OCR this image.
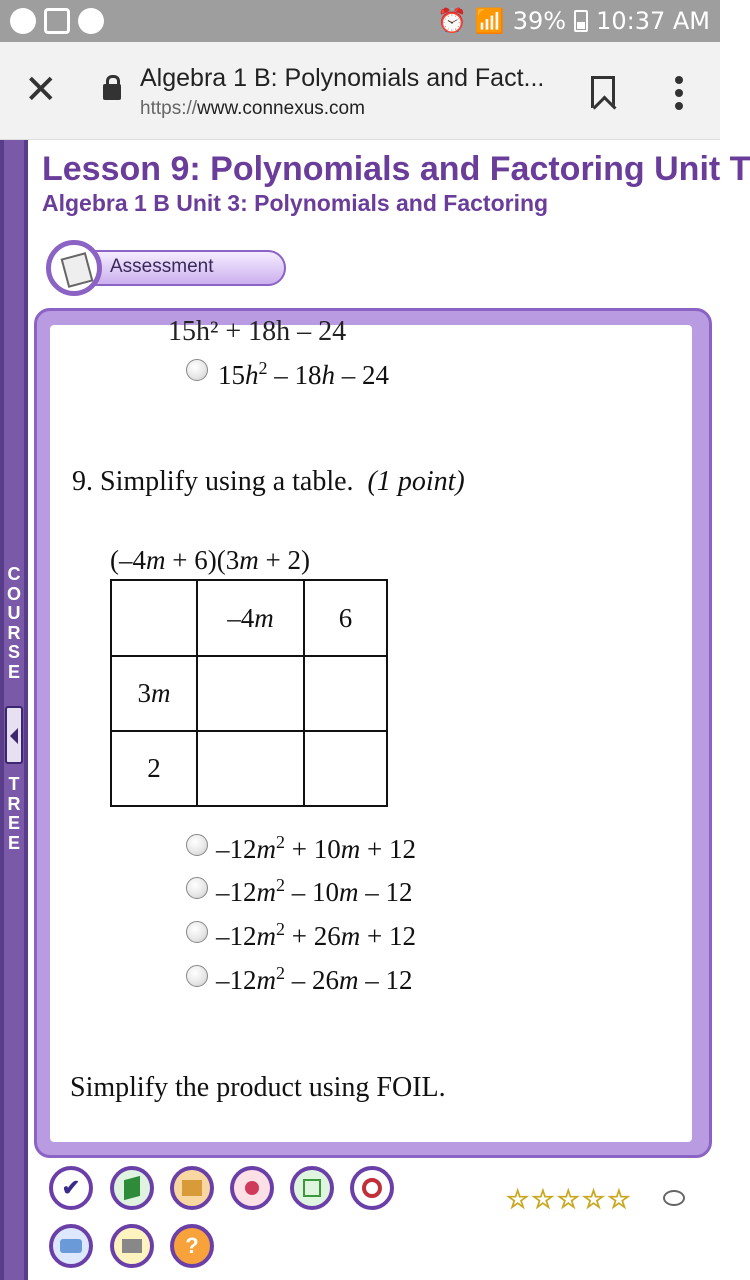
⏰ 📶 39% 10:37 AM
✕	Algebra 1 B: Polynomials and Fact...
https://www.connexus.com
C
O
U
R
S
E
T
R
E
E
Lesson 9: Polynomials and Factoring Unit T
Algebra 1 B Unit 3: Polynomials and Factoring
Assessment
15h² + 18h – 24
$15h^2 - 18h - 24$
9. Simplify using a table. (1 point)
(–4m + 6)(3m + 2)
	–4m	6
3m		
2		
$-12m^2 + 10m + 12$
$-12m^2 - 10m - 12$
$-12m^2 + 26m + 12$
$-12m^2 - 26m - 12$
Simplify the product using FOIL.
✔
?
☆☆☆☆☆
